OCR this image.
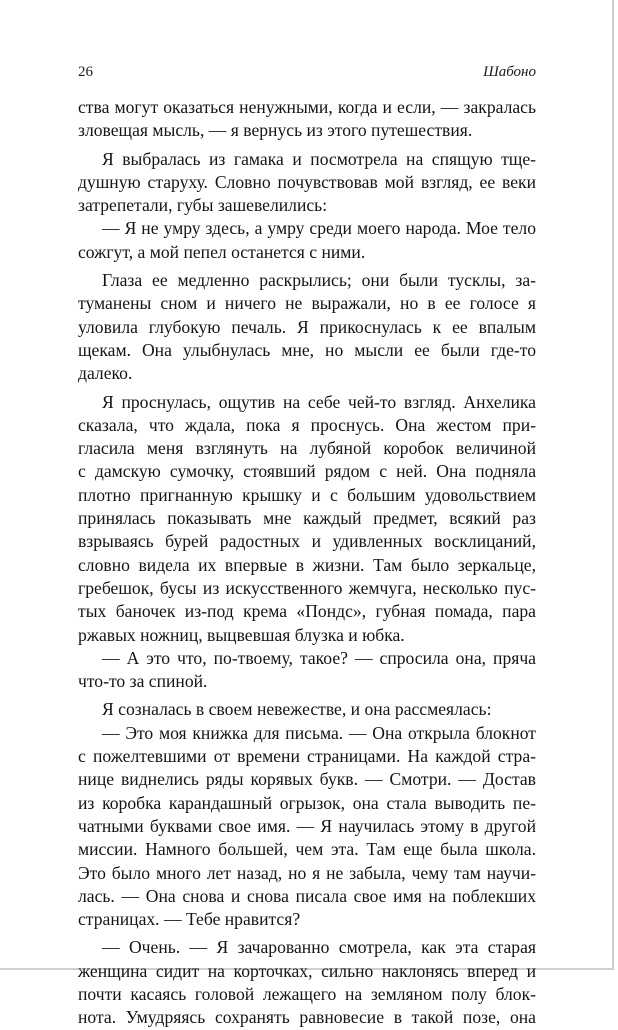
26	Шабоно
ства могут оказаться ненужными, когда и если, — закралась
зловещая мысль, — я вернусь из этого путешествия.
Я выбралась из гамака и посмотрела на спящую тще-
душную старуху. Словно почувствовав мой взгляд, ее веки
затрепетали, губы зашевелились:
— Я не умру здесь, а умру среди моего народа. Мое тело
сожгут, а мой пепел останется с ними.
Глаза ее медленно раскрылись; они были тусклы, за-
туманены сном и ничего не выражали, но в ее голосе я
уловила глубокую печаль. Я прикоснулась к ее впалым
щекам. Она улыбнулась мне, но мысли ее были где-то
далеко.
Я проснулась, ощутив на себе чей-то взгляд. Анхелика
сказала, что ждала, пока я проснусь. Она жестом при-
гласила меня взглянуть на лубяной коробок величиной
с дамскую сумочку, стоявший рядом с ней. Она подняла
плотно пригнанную крышку и с большим удовольствием
принялась показывать мне каждый предмет, всякий раз
взрываясь бурей радостных и удивленных восклицаний,
словно видела их впервые в жизни. Там было зеркальце,
гребешок, бусы из искусственного жемчуга, несколько пус-
тых баночек из-под крема «Пондс», губная помада, пара
ржавых ножниц, выцвевшая блузка и юбка.
— А это что, по-твоему, такое? — спросила она, пряча
что-то за спиной.
Я созналась в своем невежестве, и она рассмеялась:
— Это моя книжка для письма. — Она открыла блокнот
с пожелтевшими от времени страницами. На каждой стра-
нице виднелись ряды корявых букв. — Смотри. — Достав
из коробка карандашный огрызок, она стала выводить пе-
чатными буквами свое имя. — Я научилась этому в другой
миссии. Намного большей, чем эта. Там еще была школа.
Это было много лет назад, но я не забыла, чему там научи-
лась. — Она снова и снова писала свое имя на поблекших
страницах. — Тебе нравится?
— Очень. — Я зачарованно смотрела, как эта старая
женщина сидит на корточках, сильно наклонясь вперед и
почти касаясь головой лежащего на земляном полу блок-
нота. Умудряясь сохранять равновесие в такой позе, она
